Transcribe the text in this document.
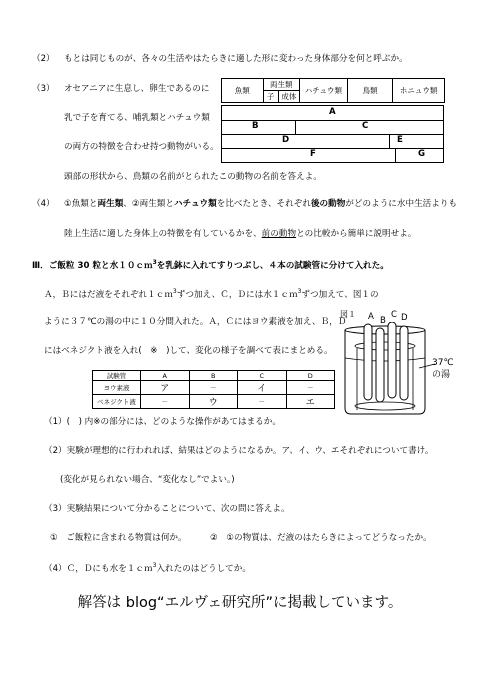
（2） もとは同じものが、各々の生活やはたらきに適した形に変わった身体部分を何と呼ぶか。
（3） オセアニアに生息し、卵生であるのに
乳で子を育てる、哺乳類とハチュウ類
の両方の特徴を合わせ持つ動物がいる。
頭部の形状から、鳥類の名前がとられたこの動物の名前を答えよ。
魚類	両生類		ハチュウ類	鳥類	ホニュウ類
	子	成体			
A
B	C
D	E
F	G
（4） ①魚類と両生類、②両生類とハチュウ類を比べたとき、それぞれ後の動物がどのように水中生活よりも
陸上生活に適した身体上の特徴を有しているかを、前の動物との比較から簡単に説明せよ。
Ⅲ．ご飯粒 30 粒と水１０ｃｍ$^3$を乳鉢に入れてすりつぶし、４本の試験管に分けて入れた。
Ａ，Ｂにはだ液をそれぞれ１ｃｍ$^3$ずつ加え、Ｃ，Ｄには水１ｃｍ$^3$ずつ加えて、図１の
ように３７℃の湯の中に１０分間入れた。Ａ，Ｃにはヨウ素液を加え、Ｂ，Ｄ
にはベネジクト液を入れ(　※　)して、変化の様子を調べて表にまとめる。
図１ A B
C D
37℃
の湯
試験管	A	B	C	D
ヨウ素液	ア	－	イ	－
ベネジクト液	－	ウ	－	エ
（1）(　) 内※の部分には、どのような操作があてはまるか。
（2）実験が理想的に行われれば、結果はどのようになるか。ア、イ、ウ、エそれぞれについて書け。
(変化が見られない場合、“変化なし”でよい。)
（3）実験結果について分かることについて、次の問に答えよ。
①　ご飯粒に含まれる物質は何か。	②　①の物質は、だ液のはたらきによってどうなったか。
（4）Ｃ，Ｄにも水を１ｃｍ$^3$入れたのはどうしてか。
解答は blog“エルヴェ研究所”に掲載しています。
